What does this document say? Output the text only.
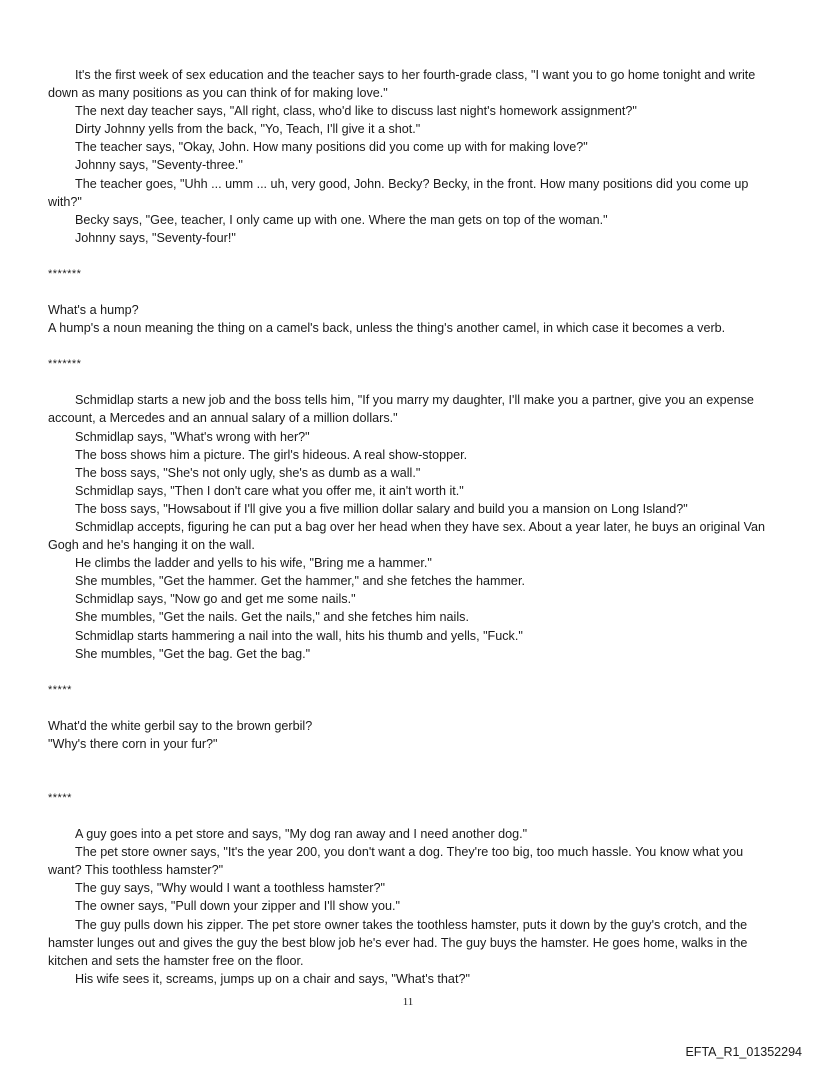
It's the first week of sex education and the teacher says to her fourth-grade class, "I want you to go home tonight and write down as many positions as you can think of for making love."

The next day teacher says, "All right, class, who'd like to discuss last night's homework assignment?"

Dirty Johnny yells from the back, "Yo, Teach, I'll give it a shot."

The teacher says, "Okay, John. How many positions did you come up with for making love?"

Johnny says, "Seventy-three."

The teacher goes, "Uhh ... umm ... uh, very good, John. Becky? Becky, in the front. How many positions did you come up with?"

Becky says, "Gee, teacher, I only came up with one. Where the man gets on top of the woman."

Johnny says, "Seventy-four!"

*******

What's a hump?

A hump's a noun meaning the thing on a camel's back, unless the thing's another camel, in which case it becomes a verb.

*******

Schmidlap starts a new job and the boss tells him, "If you marry my daughter, I'll make you a partner, give you an expense account, a Mercedes and an annual salary of a million dollars."

Schmidlap says, "What's wrong with her?"

The boss shows him a picture. The girl's hideous. A real show-stopper.

The boss says, "She's not only ugly, she's as dumb as a wall."

Schmidlap says, "Then I don't care what you offer me, it ain't worth it."

The boss says, "Howsabout if I'll give you a five million dollar salary and build you a mansion on Long Island?"

Schmidlap accepts, figuring he can put a bag over her head when they have sex. About a year later, he buys an original Van Gogh and he's hanging it on the wall.

He climbs the ladder and yells to his wife, "Bring me a hammer."

She mumbles, "Get the hammer. Get the hammer," and she fetches the hammer.

Schmidlap says, "Now go and get me some nails."

She mumbles, "Get the nails. Get the nails," and she fetches him nails.

Schmidlap starts hammering a nail into the wall, hits his thumb and yells, "Fuck."

She mumbles, "Get the bag. Get the bag."

*****

What'd the white gerbil say to the brown gerbil?

"Why's there corn in your fur?"

*****

A guy goes into a pet store and says, "My dog ran away and I need another dog."

The pet store owner says, "It's the year 200, you don't want a dog. They're too big, too much hassle. You know what you want? This toothless hamster?"

The guy says, "Why would I want a toothless hamster?"

The owner says, "Pull down your zipper and I'll show you."

The guy pulls down his zipper. The pet store owner takes the toothless hamster, puts it down by the guy's crotch, and the hamster lunges out and gives the guy the best blow job he's ever had. The guy buys the hamster. He goes home, walks in the kitchen and sets the hamster free on the floor.

His wife sees it, screams, jumps up on a chair and says, "What's that?"

11
EFTA_R1_01352294
